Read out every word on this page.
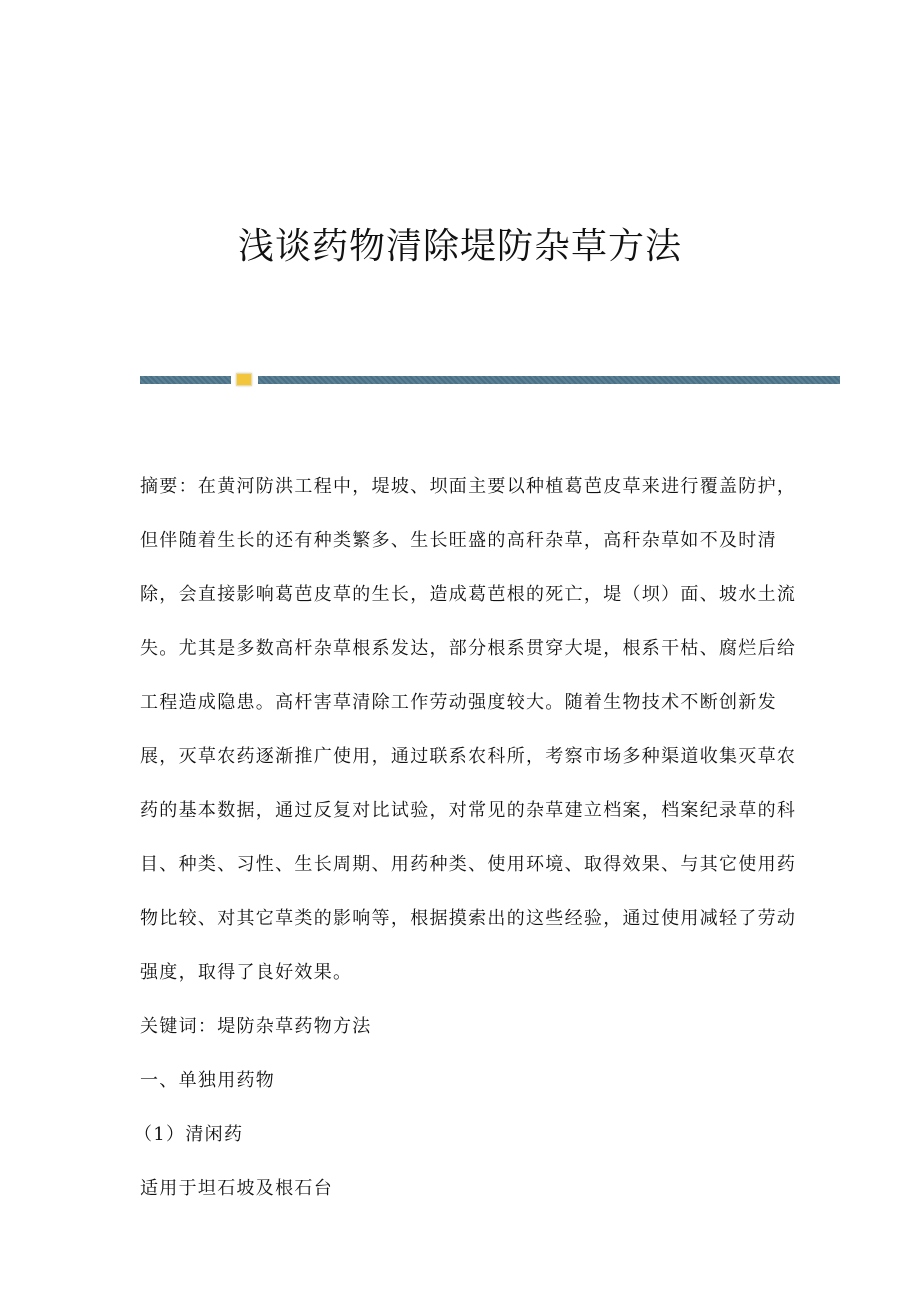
浅谈药物清除堤防杂草方法
摘要：在黄河防洪工程中，堤坡、坝面主要以种植葛芭皮草来进行覆盖防护，
但伴随着生长的还有种类繁多、生长旺盛的高秆杂草，高秆杂草如不及时清
除，会直接影响葛芭皮草的生长，造成葛芭根的死亡，堤（坝）面、坡水土流
失。尤其是多数高杆杂草根系发达，部分根系贯穿大堤，根系干枯、腐烂后给
工程造成隐患。高杆害草清除工作劳动强度较大。随着生物技术不断创新发
展，灭草农药逐渐推广使用，通过联系农科所，考察市场多种渠道收集灭草农
药的基本数据，通过反复对比试验，对常见的杂草建立档案，档案纪录草的科
目、种类、习性、生长周期、用药种类、使用环境、取得效果、与其它使用药
物比较、对其它草类的影响等，根据摸索出的这些经验，通过使用减轻了劳动
强度，取得了良好效果。
关键词：堤防杂草药物方法
一、单独用药物
（1）清闲药
适用于坦石坡及根石台
